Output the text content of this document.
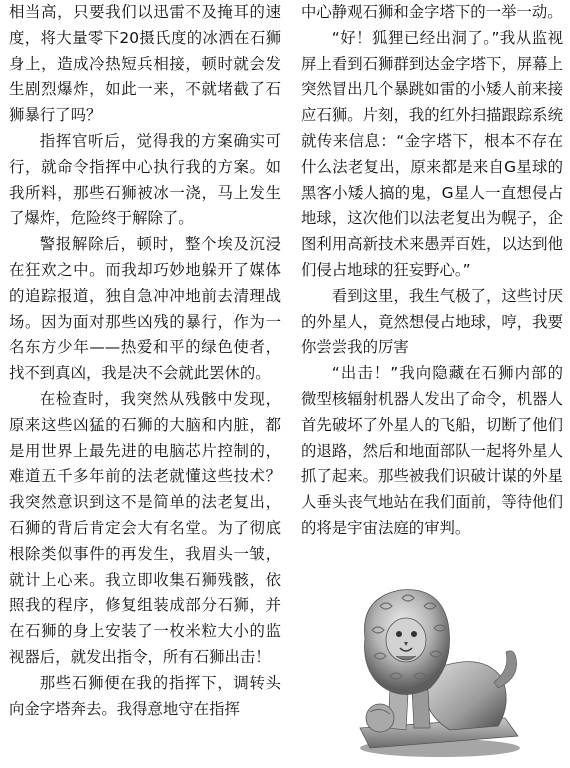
相当高，只要我们以迅雷不及掩耳的速度，将大量零下20摄氏度的冰洒在石狮身上，造成冷热短兵相接，顿时就会发生剧烈爆炸，如此一来，不就堵截了石狮暴行了吗？

指挥官听后，觉得我的方案确实可行，就命令指挥中心执行我的方案。如我所料，那些石狮被冰一浇，马上发生了爆炸，危险终于解除了。

警报解除后，顿时，整个埃及沉浸在狂欢之中。而我却巧妙地躲开了媒体的追踪报道，独自急冲冲地前去清理战场。因为面对那些凶残的暴行，作为一名东方少年——热爱和平的绿色使者，找不到真凶，我是决不会就此罢休的。

在检查时，我突然从残骸中发现，原来这些凶猛的石狮的大脑和内脏，都是用世界上最先进的电脑芯片控制的，难道五千多年前的法老就懂这些技术？我突然意识到这不是简单的法老复出，石狮的背后肯定会大有名堂。为了彻底根除类似事件的再发生，我眉头一皱，就计上心来。我立即收集石狮残骸，依照我的程序，修复组装成部分石狮，并在石狮的身上安装了一枚米粒大小的监视器后，就发出指令，所有石狮出击！

那些石狮便在我的指挥下，调转头向金字塔奔去。我得意地守在指挥

中心静观石狮和金字塔下的一举一动。

“好！狐狸已经出洞了。”我从监视屏上看到石狮群到达金字塔下，屏幕上突然冒出几个暴跳如雷的小矮人前来接应石狮。片刻，我的红外扫描跟踪系统就传来信息：“金字塔下，根本不存在什么法老复出，原来都是来自G星球的黑客小矮人搞的鬼，G星人一直想侵占地球，这次他们以法老复出为幌子，企图利用高新技术来愚弄百姓，以达到他们侵占地球的狂妄野心。”

看到这里，我生气极了，这些讨厌的外星人，竟然想侵占地球，哼，我要你尝尝我的厉害

“出击！”我向隐藏在石狮内部的微型核辐射机器人发出了命令，机器人首先破坏了外星人的飞船，切断了他们的退路，然后和地面部队一起将外星人抓了起来。那些被我们识破计谋的外星人垂头丧气地站在我们面前，等待他们的将是宇宙法庭的审判。
